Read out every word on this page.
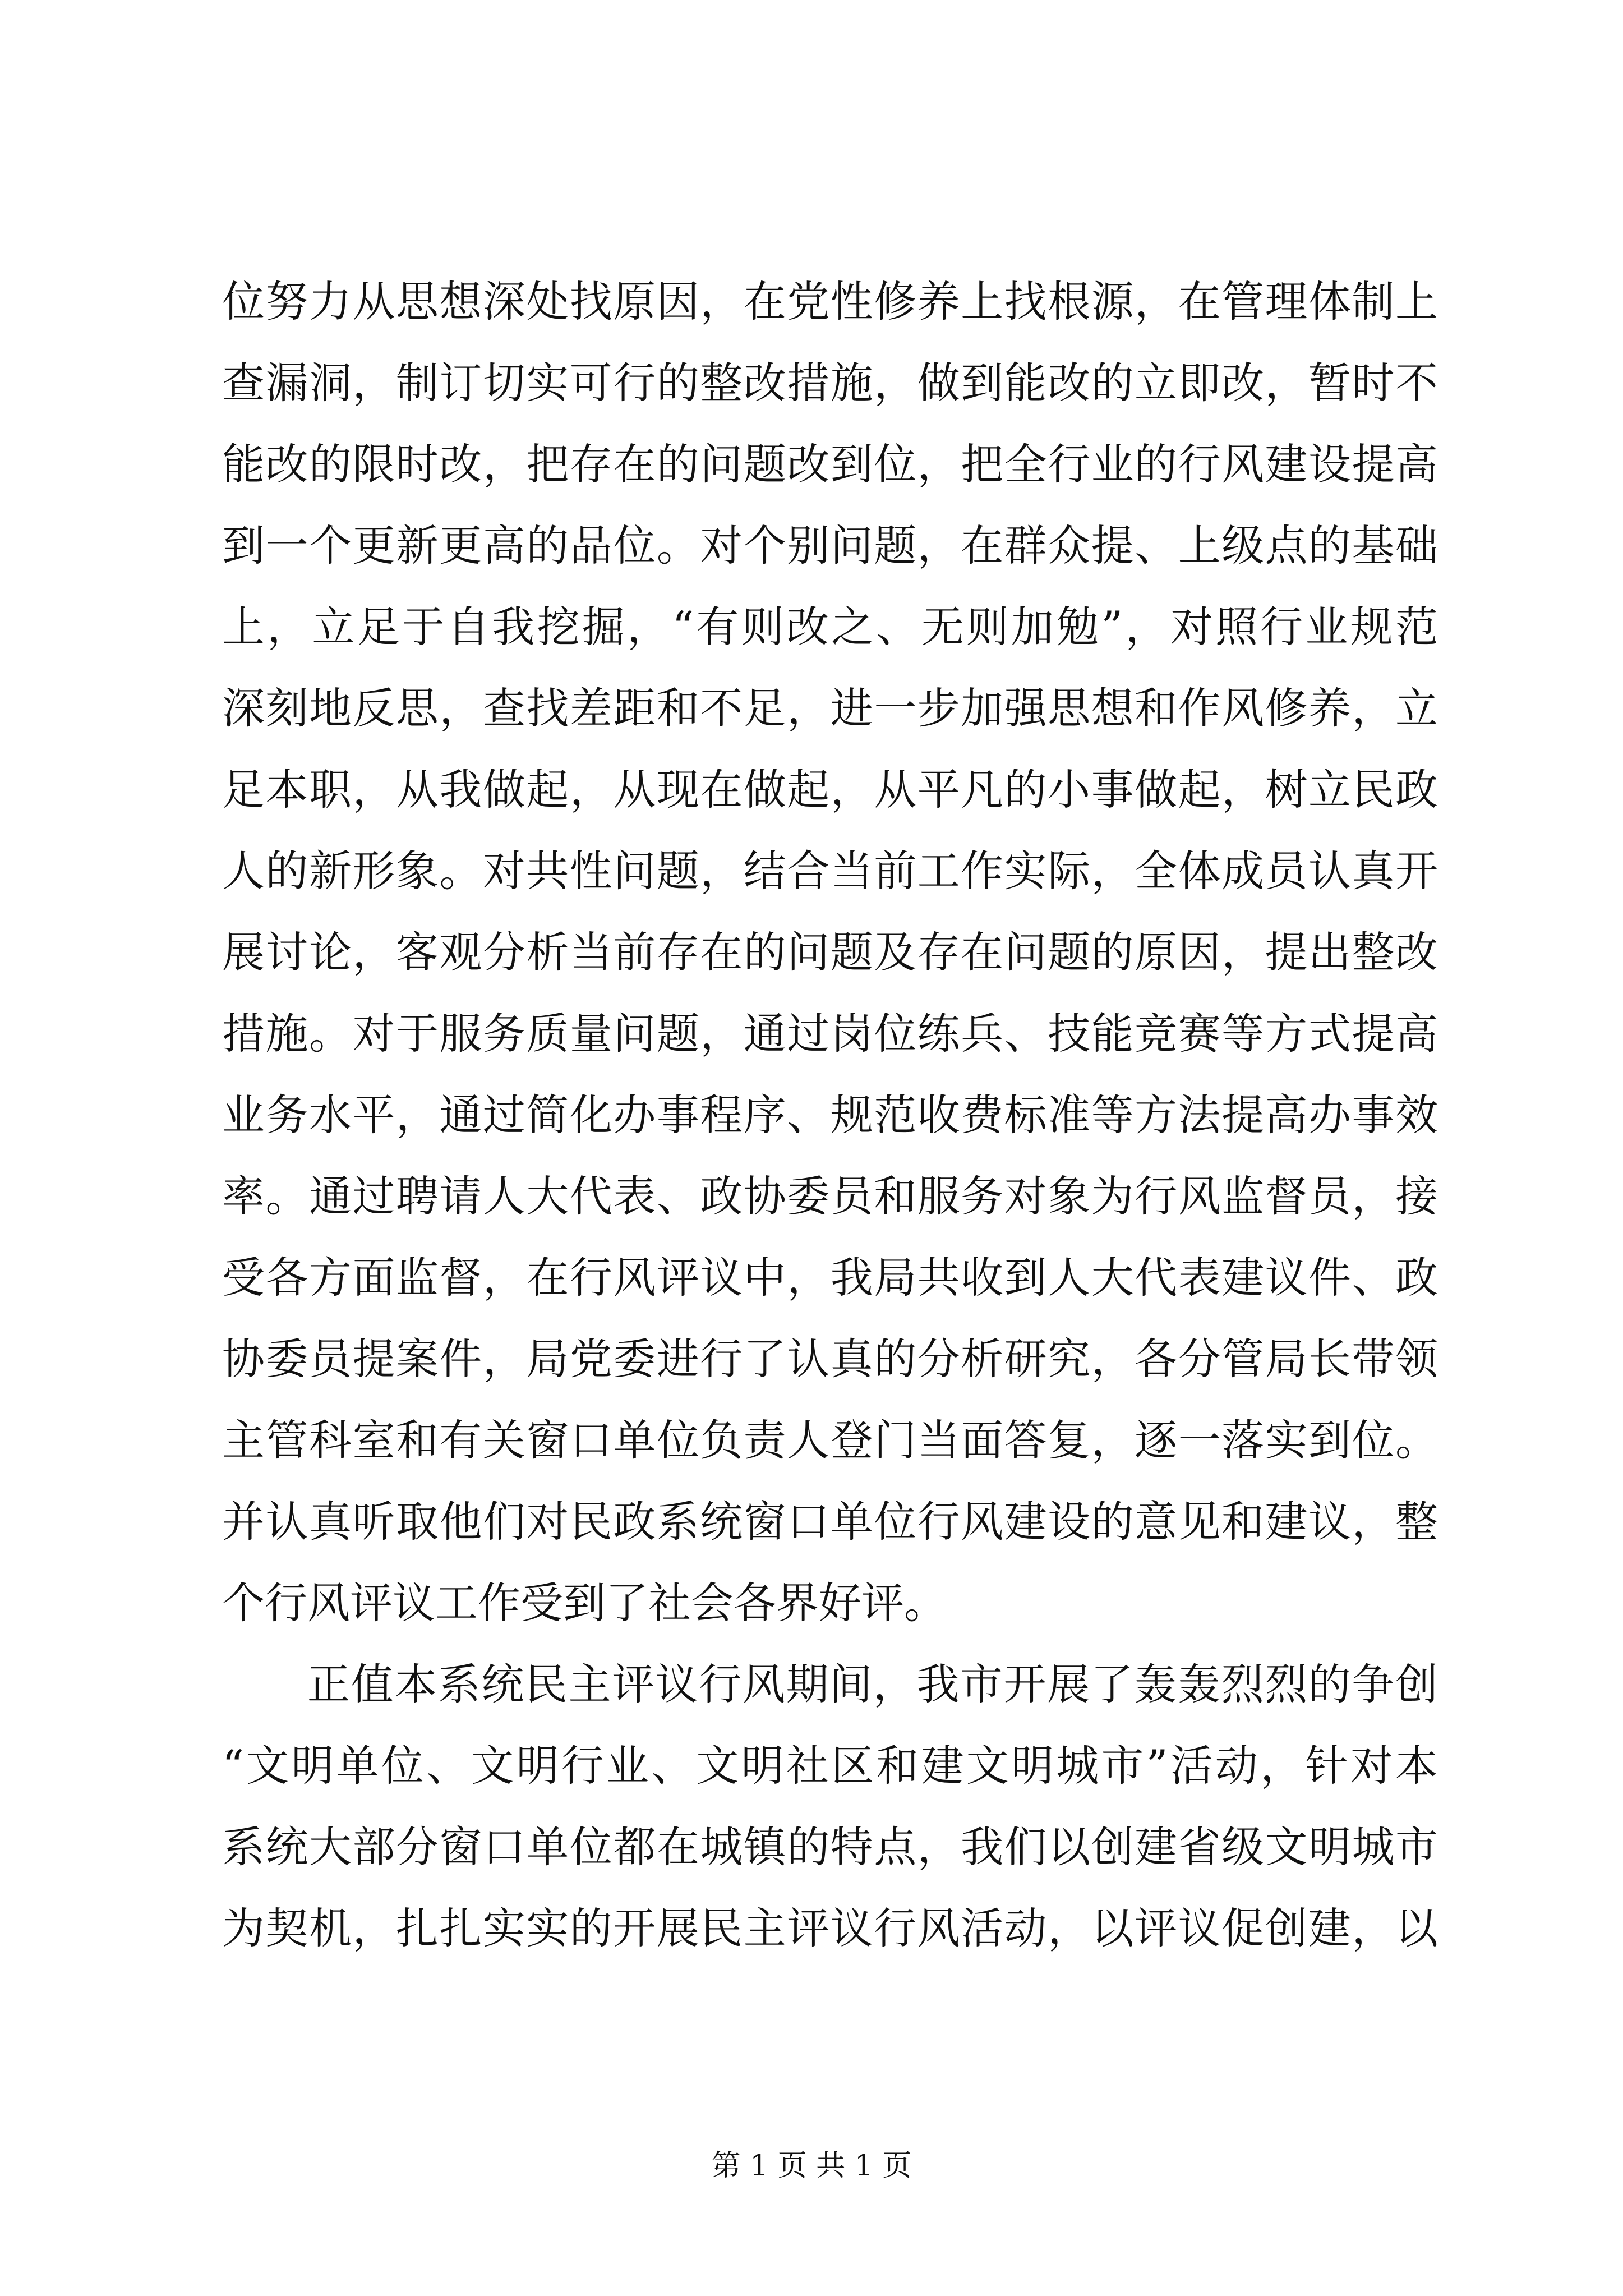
位努力从思想深处找原因，在党性修养上找根源，在管理体制上
查漏洞，制订切实可行的整改措施，做到能改的立即改，暂时不
能改的限时改，把存在的问题改到位，把全行业的行风建设提高
到一个更新更高的品位。对个别问题，在群众提、上级点的基础
上，立足于自我挖掘，“有则改之、无则加勉”，对照行业规范
深刻地反思，查找差距和不足，进一步加强思想和作风修养，立
足本职，从我做起，从现在做起，从平凡的小事做起，树立民政
人的新形象。对共性问题，结合当前工作实际，全体成员认真开
展讨论，客观分析当前存在的问题及存在问题的原因，提出整改
措施。对于服务质量问题，通过岗位练兵、技能竞赛等方式提高
业务水平，通过简化办事程序、规范收费标准等方法提高办事效
率。通过聘请人大代表、政协委员和服务对象为行风监督员，接
受各方面监督，在行风评议中，我局共收到人大代表建议件、政
协委员提案件，局党委进行了认真的分析研究，各分管局长带领
主管科室和有关窗口单位负责人登门当面答复，逐一落实到位。
并认真听取他们对民政系统窗口单位行风建设的意见和建议，整
个行风评议工作受到了社会各界好评。
正值本系统民主评议行风期间，我市开展了轰轰烈烈的争创
“文明单位、文明行业、文明社区和建文明城市”活动，针对本
系统大部分窗口单位都在城镇的特点，我们以创建省级文明城市
为契机，扎扎实实的开展民主评议行风活动，以评议促创建，以
第 1 页 共 1 页
